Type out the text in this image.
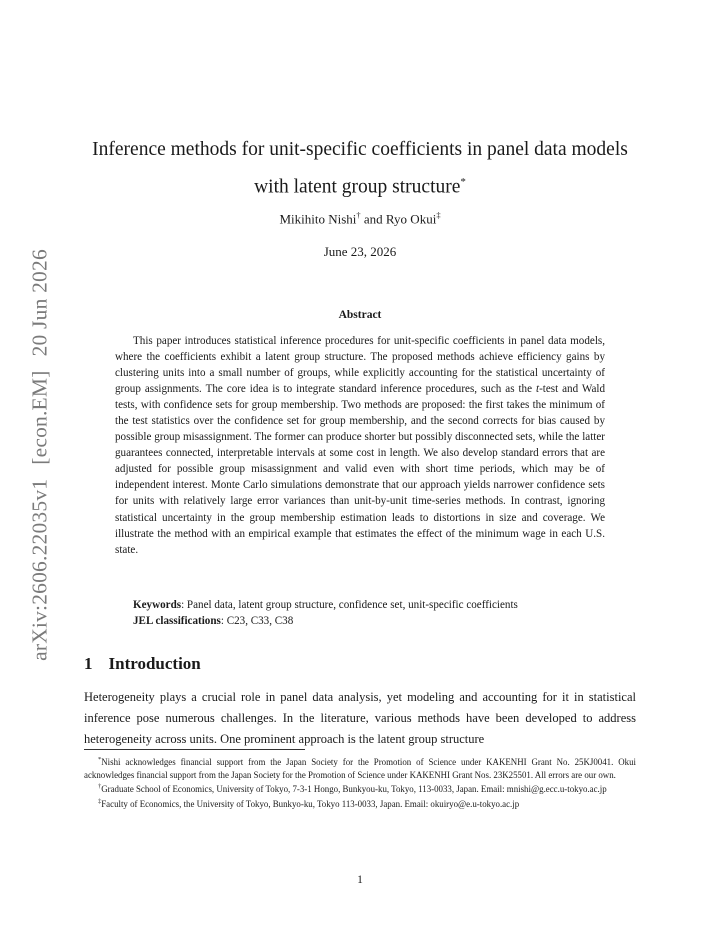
arXiv:2606.22035v1[econ.EM]20 Jun 2026
Inference methods for unit-specific coefficients in panel data models
with latent group structure*
Mikihito Nishi† and Ryo Okui‡
June 23, 2026
Abstract
This paper introduces statistical inference procedures for unit-specific coefficients in panel data models, where the coefficients exhibit a latent group structure. The proposed methods achieve efficiency gains by clustering units into a small number of groups, while explicitly accounting for the statistical uncertainty of group assignments. The core idea is to integrate standard inference procedures, such as the t-test and Wald tests, with confidence sets for group membership. Two methods are proposed: the first takes the minimum of the test statistics over the confidence set for group membership, and the second corrects for bias caused by possible group misassignment. The former can produce shorter but possibly disconnected sets, while the latter guarantees connected, interpretable intervals at some cost in length. We also develop standard errors that are adjusted for possible group misassignment and valid even with short time periods, which may be of independent interest. Monte Carlo simulations demonstrate that our approach yields narrower confidence sets for units with relatively large error variances than unit-by-unit time-series methods. In contrast, ignoring statistical uncertainty in the group membership estimation leads to distortions in size and coverage. We illustrate the method with an empirical example that estimates the effect of the minimum wage in each U.S. state.
Keywords: Panel data, latent group structure, confidence set, unit-specific coefficients
JEL classifications: C23, C33, C38
1 Introduction
Heterogeneity plays a crucial role in panel data analysis, yet modeling and accounting for it in statistical inference pose numerous challenges. In the literature, various methods have been developed to address heterogeneity across units. One prominent approach is the latent group structure

*Nishi acknowledges financial support from the Japan Society for the Promotion of Science under KAKENHI Grant No. 25KJ0041. Okui acknowledges financial support from the Japan Society for the Promotion of Science under KAKENHI Grant Nos. 23K25501. All errors are our own.

†Graduate School of Economics, University of Tokyo, 7-3-1 Hongo, Bunkyou-ku, Tokyo, 113-0033, Japan. Email: mnishi@g.ecc.u-tokyo.ac.jp

‡Faculty of Economics, the University of Tokyo, Bunkyo-ku, Tokyo 113-0033, Japan. Email: okuiryo@e.u-tokyo.ac.jp

1
